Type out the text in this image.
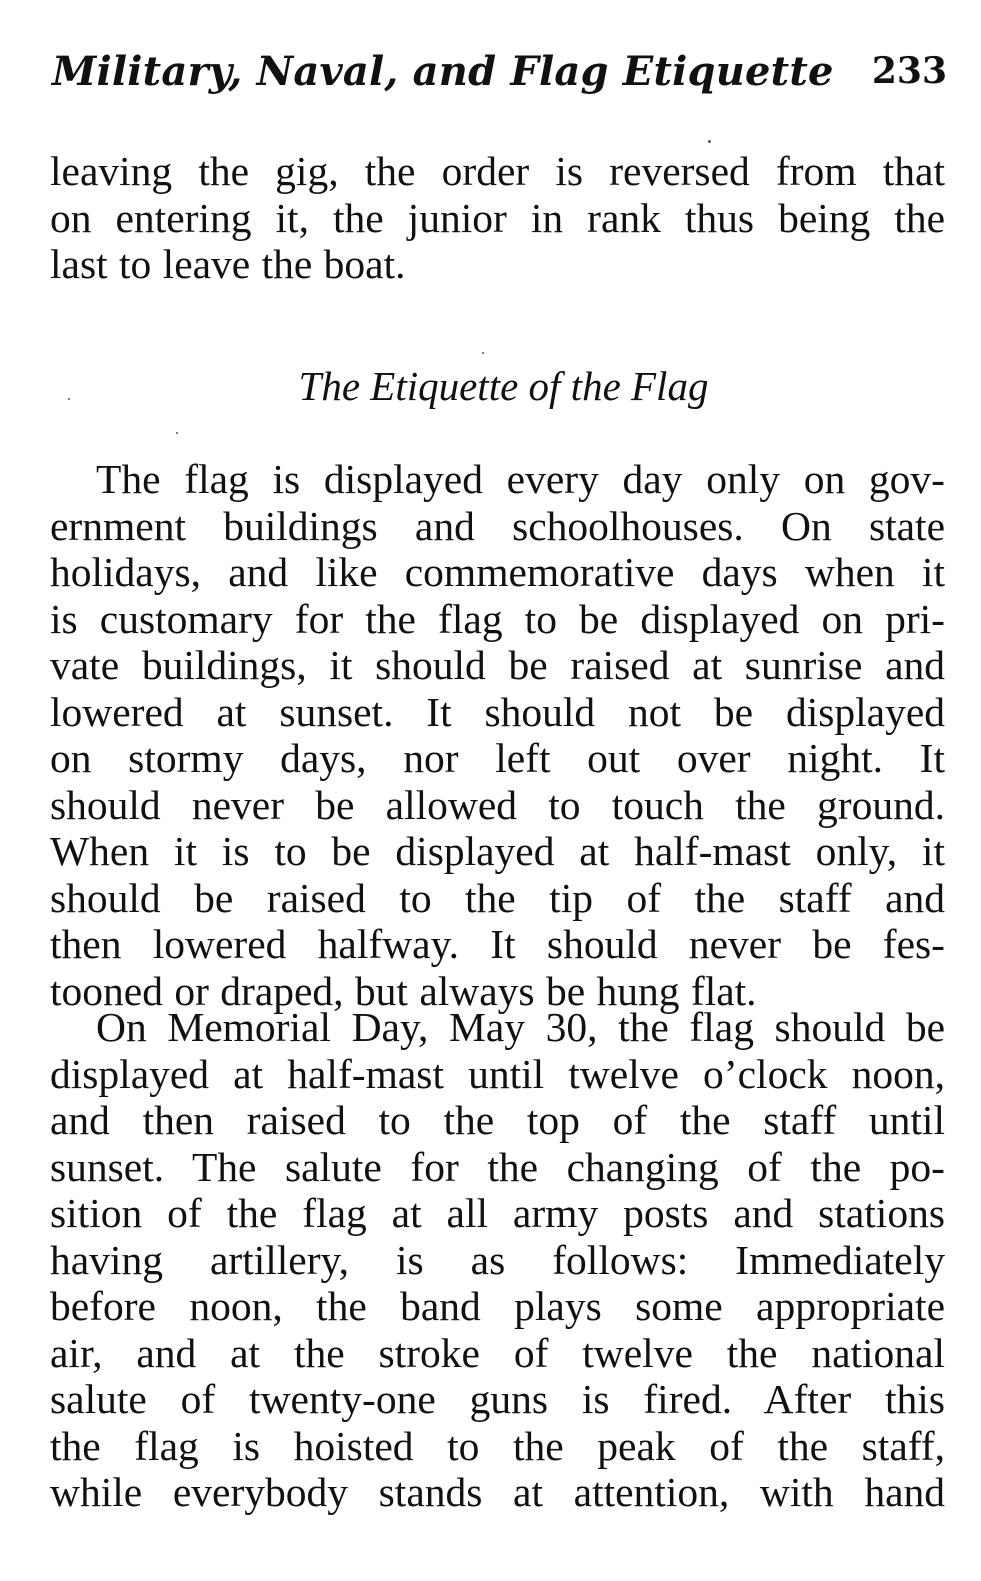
Military, Naval, and Flag Etiquette 233
leaving the gig, the order is reversed from that
on entering it, the junior in rank thus being the
last to leave the boat.
The Etiquette of the Flag
The flag is displayed every day only on gov-
ernment buildings and schoolhouses. On state
holidays, and like commemorative days when it
is customary for the flag to be displayed on pri-
vate buildings, it should be raised at sunrise and
lowered at sunset. It should not be displayed
on stormy days, nor left out over night. It
should never be allowed to touch the ground.
When it is to be displayed at half-mast only, it
should be raised to the tip of the staff and
then lowered halfway. It should never be fes-
tooned or draped, but always be hung flat.
On Memorial Day, May 30, the flag should be
displayed at half-mast until twelve o’clock noon,
and then raised to the top of the staff until
sunset. The salute for the changing of the po-
sition of the flag at all army posts and stations
having artillery, is as follows: Immediately
before noon, the band plays some appropriate
air, and at the stroke of twelve the national
salute of twenty-one guns is fired. After this
the flag is hoisted to the peak of the staff,
while everybody stands at attention, with hand
